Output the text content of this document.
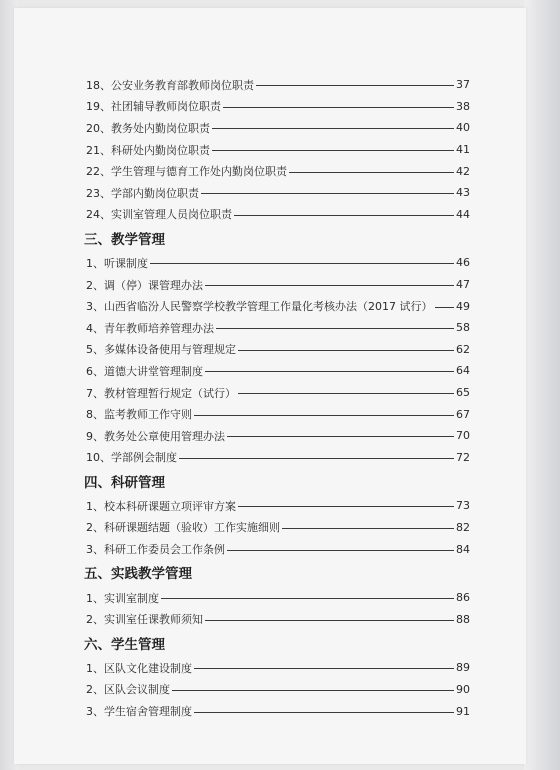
18、 公安业务教育部教师岗位职责	37
19、 社团辅导教师岗位职责	38
20、 教务处内勤岗位职责	40
21、 科研处内勤岗位职责	41
22、 学生管理与德育工作处内勤岗位职责	42
23、 学部内勤岗位职责	43
24、 实训室管理人员岗位职责	44
三、教学管理
1、 听课制度	46
2、 调（停）课管理办法	47
3、 山西省临汾人民警察学校教学管理工作量化考核办法（2017 试行） 49
4、 青年教师培养管理办法	58
5、 多媒体设备使用与管理规定	62
6、 道德大讲堂管理制度	64
7、 教材管理暂行规定（试行）	65
8、 监考教师工作守则	67
9、 教务处公章使用管理办法	70
10、 学部例会制度	72
四、科研管理
1、 校本科研课题立项评审方案	73
2、 科研课题结题（验收）工作实施细则	82
3、 科研工作委员会工作条例	84
五、实践教学管理
1、 实训室制度	86
2、 实训室任课教师须知	88
六、学生管理
1、 区队文化建设制度	89
2、 区队会议制度	90
3、 学生宿舍管理制度	91
